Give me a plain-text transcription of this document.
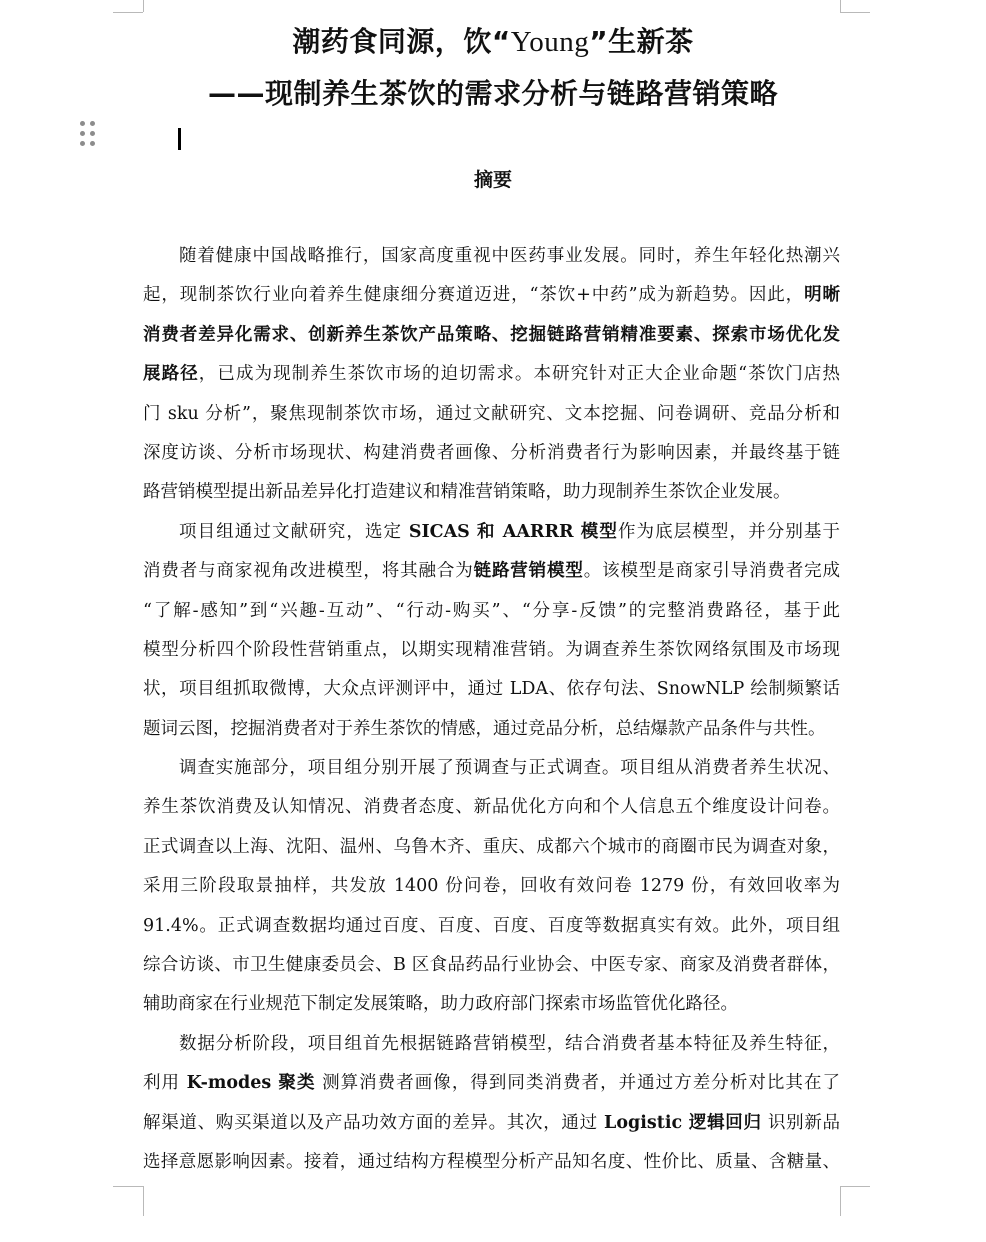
潮药食同源，饮“Young”生新茶
——现制养生茶饮的需求分析与链路营销策略
摘要
随着健康中国战略推行，国家高度重视中医药事业发展。同时，养生年轻化热潮兴
起，现制茶饮行业向着养生健康细分赛道迈进，“茶饮+中药”成为新趋势。因此，明晰
消费者差异化需求、创新养生茶饮产品策略、挖掘链路营销精准要素、探索市场优化发
展路径，已成为现制养生茶饮市场的迫切需求。本研究针对正大企业命题“茶饮门店热
门 sku 分析”，聚焦现制茶饮市场，通过文献研究、文本挖掘、问卷调研、竞品分析和
深度访谈、分析市场现状、构建消费者画像、分析消费者行为影响因素，并最终基于链
路营销模型提出新品差异化打造建议和精准营销策略，助力现制养生茶饮企业发展。
项目组通过文献研究，选定 SICAS 和 AARRR 模型作为底层模型，并分别基于
消费者与商家视角改进模型，将其融合为链路营销模型。该模型是商家引导消费者完成
“了解-感知”到“兴趣-互动”、“行动-购买”、“分享-反馈”的完整消费路径，基于此
模型分析四个阶段性营销重点，以期实现精准营销。为调查养生茶饮网络氛围及市场现
状，项目组抓取微博，大众点评测评中，通过 LDA、依存句法、SnowNLP 绘制频繁话
题词云图，挖掘消费者对于养生茶饮的情感，通过竞品分析，总结爆款产品条件与共性。
调查实施部分，项目组分别开展了预调查与正式调查。项目组从消费者养生状况、
养生茶饮消费及认知情况、消费者态度、新品优化方向和个人信息五个维度设计问卷。
正式调查以上海、沈阳、温州、乌鲁木齐、重庆、成都六个城市的商圈市民为调查对象，
采用三阶段取景抽样，共发放 1400 份问卷，回收有效问卷 1279 份，有效回收率为
91.4%。正式调查数据均通过百度、百度、百度、百度等数据真实有效。此外，项目组
综合访谈、市卫生健康委员会、B 区食品药品行业协会、中医专家、商家及消费者群体，
辅助商家在行业规范下制定发展策略，助力政府部门探索市场监管优化路径。
数据分析阶段，项目组首先根据链路营销模型，结合消费者基本特征及养生特征，
利用 K-modes 聚类 测算消费者画像，得到同类消费者，并通过方差分析对比其在了
解渠道、购买渠道以及产品功效方面的差异。其次，通过 Logistic 逻辑回归 识别新品
选择意愿影响因素。接着，通过结构方程模型分析产品知名度、性价比、质量、含糖量、
